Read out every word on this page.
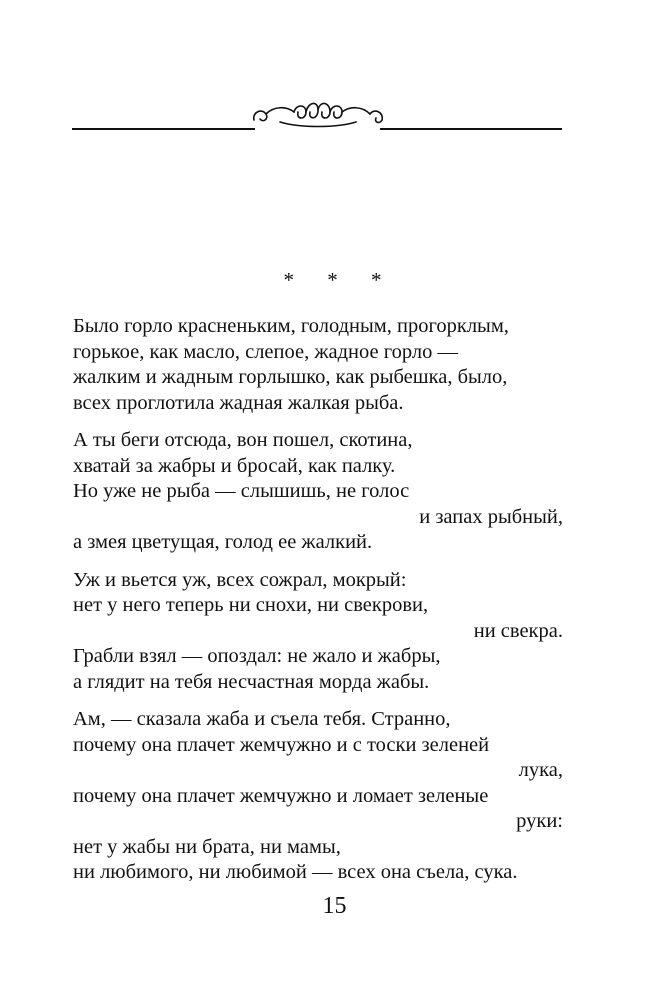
* * *
Было горло красненьким, голодным, прогорклым,
горькое, как масло, слепое, жадное горло —
жалким и жадным горлышко, как рыбешка, было,
всех проглотила жадная жалкая рыба.
А ты беги отсюда, вон пошел, скотина,
хватай за жабры и бросай, как палку.
Но уже не рыба — слышишь, не голос
и запах рыбный,
а змея цветущая, голод ее жалкий.
Уж и вьется уж, всех сожрал, мокрый:
нет у него теперь ни снохи, ни свекрови,
ни свекра.
Грабли взял — опоздал: не жало и жабры,
а глядит на тебя несчастная морда жабы.
Ам, — сказала жаба и съела тебя. Странно,
почему она плачет жемчужно и с тоски зеленей
лука,
почему она плачет жемчужно и ломает зеленые
руки:
нет у жабы ни брата, ни мамы,
ни любимого, ни любимой — всех она съела, сука.
15
